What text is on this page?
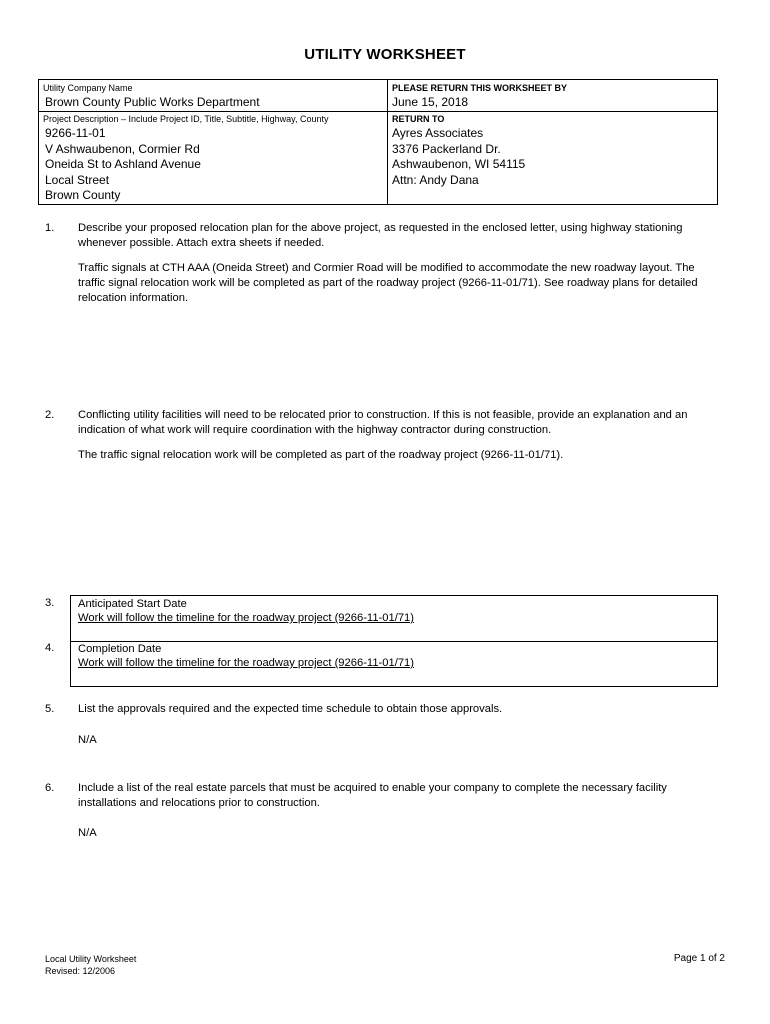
UTILITY WORKSHEET
Utility Company Name
Brown County Public Works Department
PLEASE RETURN THIS WORKSHEET BY
June 15, 2018
Project Description – Include Project ID, Title, Subtitle, Highway, County
9266-11-01
V Ashwaubenon, Cormier Rd
Oneida St to Ashland Avenue
Local Street
Brown County
RETURN TO
Ayres Associates
3376 Packerland Dr.
Ashwaubenon, WI 54115
Attn: Andy Dana
1. Describe your proposed relocation plan for the above project, as requested in the enclosed letter, using highway stationing whenever possible. Attach extra sheets if needed.
Traffic signals at CTH AAA (Oneida Street) and Cormier Road will be modified to accommodate the new roadway layout. The traffic signal relocation work will be completed as part of the roadway project (9266-11-01/71). See roadway plans for detailed relocation information.
2. Conflicting utility facilities will need to be relocated prior to construction. If this is not feasible, provide an explanation and an indication of what work will require coordination with the highway contractor during construction.
The traffic signal relocation work will be completed as part of the roadway project (9266-11-01/71).
3.
4.
Anticipated Start Date
Work will follow the timeline for the roadway project (9266-11-01/71)
Completion Date
Work will follow the timeline for the roadway project (9266-11-01/71)
5. List the approvals required and the expected time schedule to obtain those approvals.
N/A
6. Include a list of the real estate parcels that must be acquired to enable your company to complete the necessary facility installations and relocations prior to construction.
N/A
Local Utility Worksheet
Revised: 12/2006
Page 1 of 2
